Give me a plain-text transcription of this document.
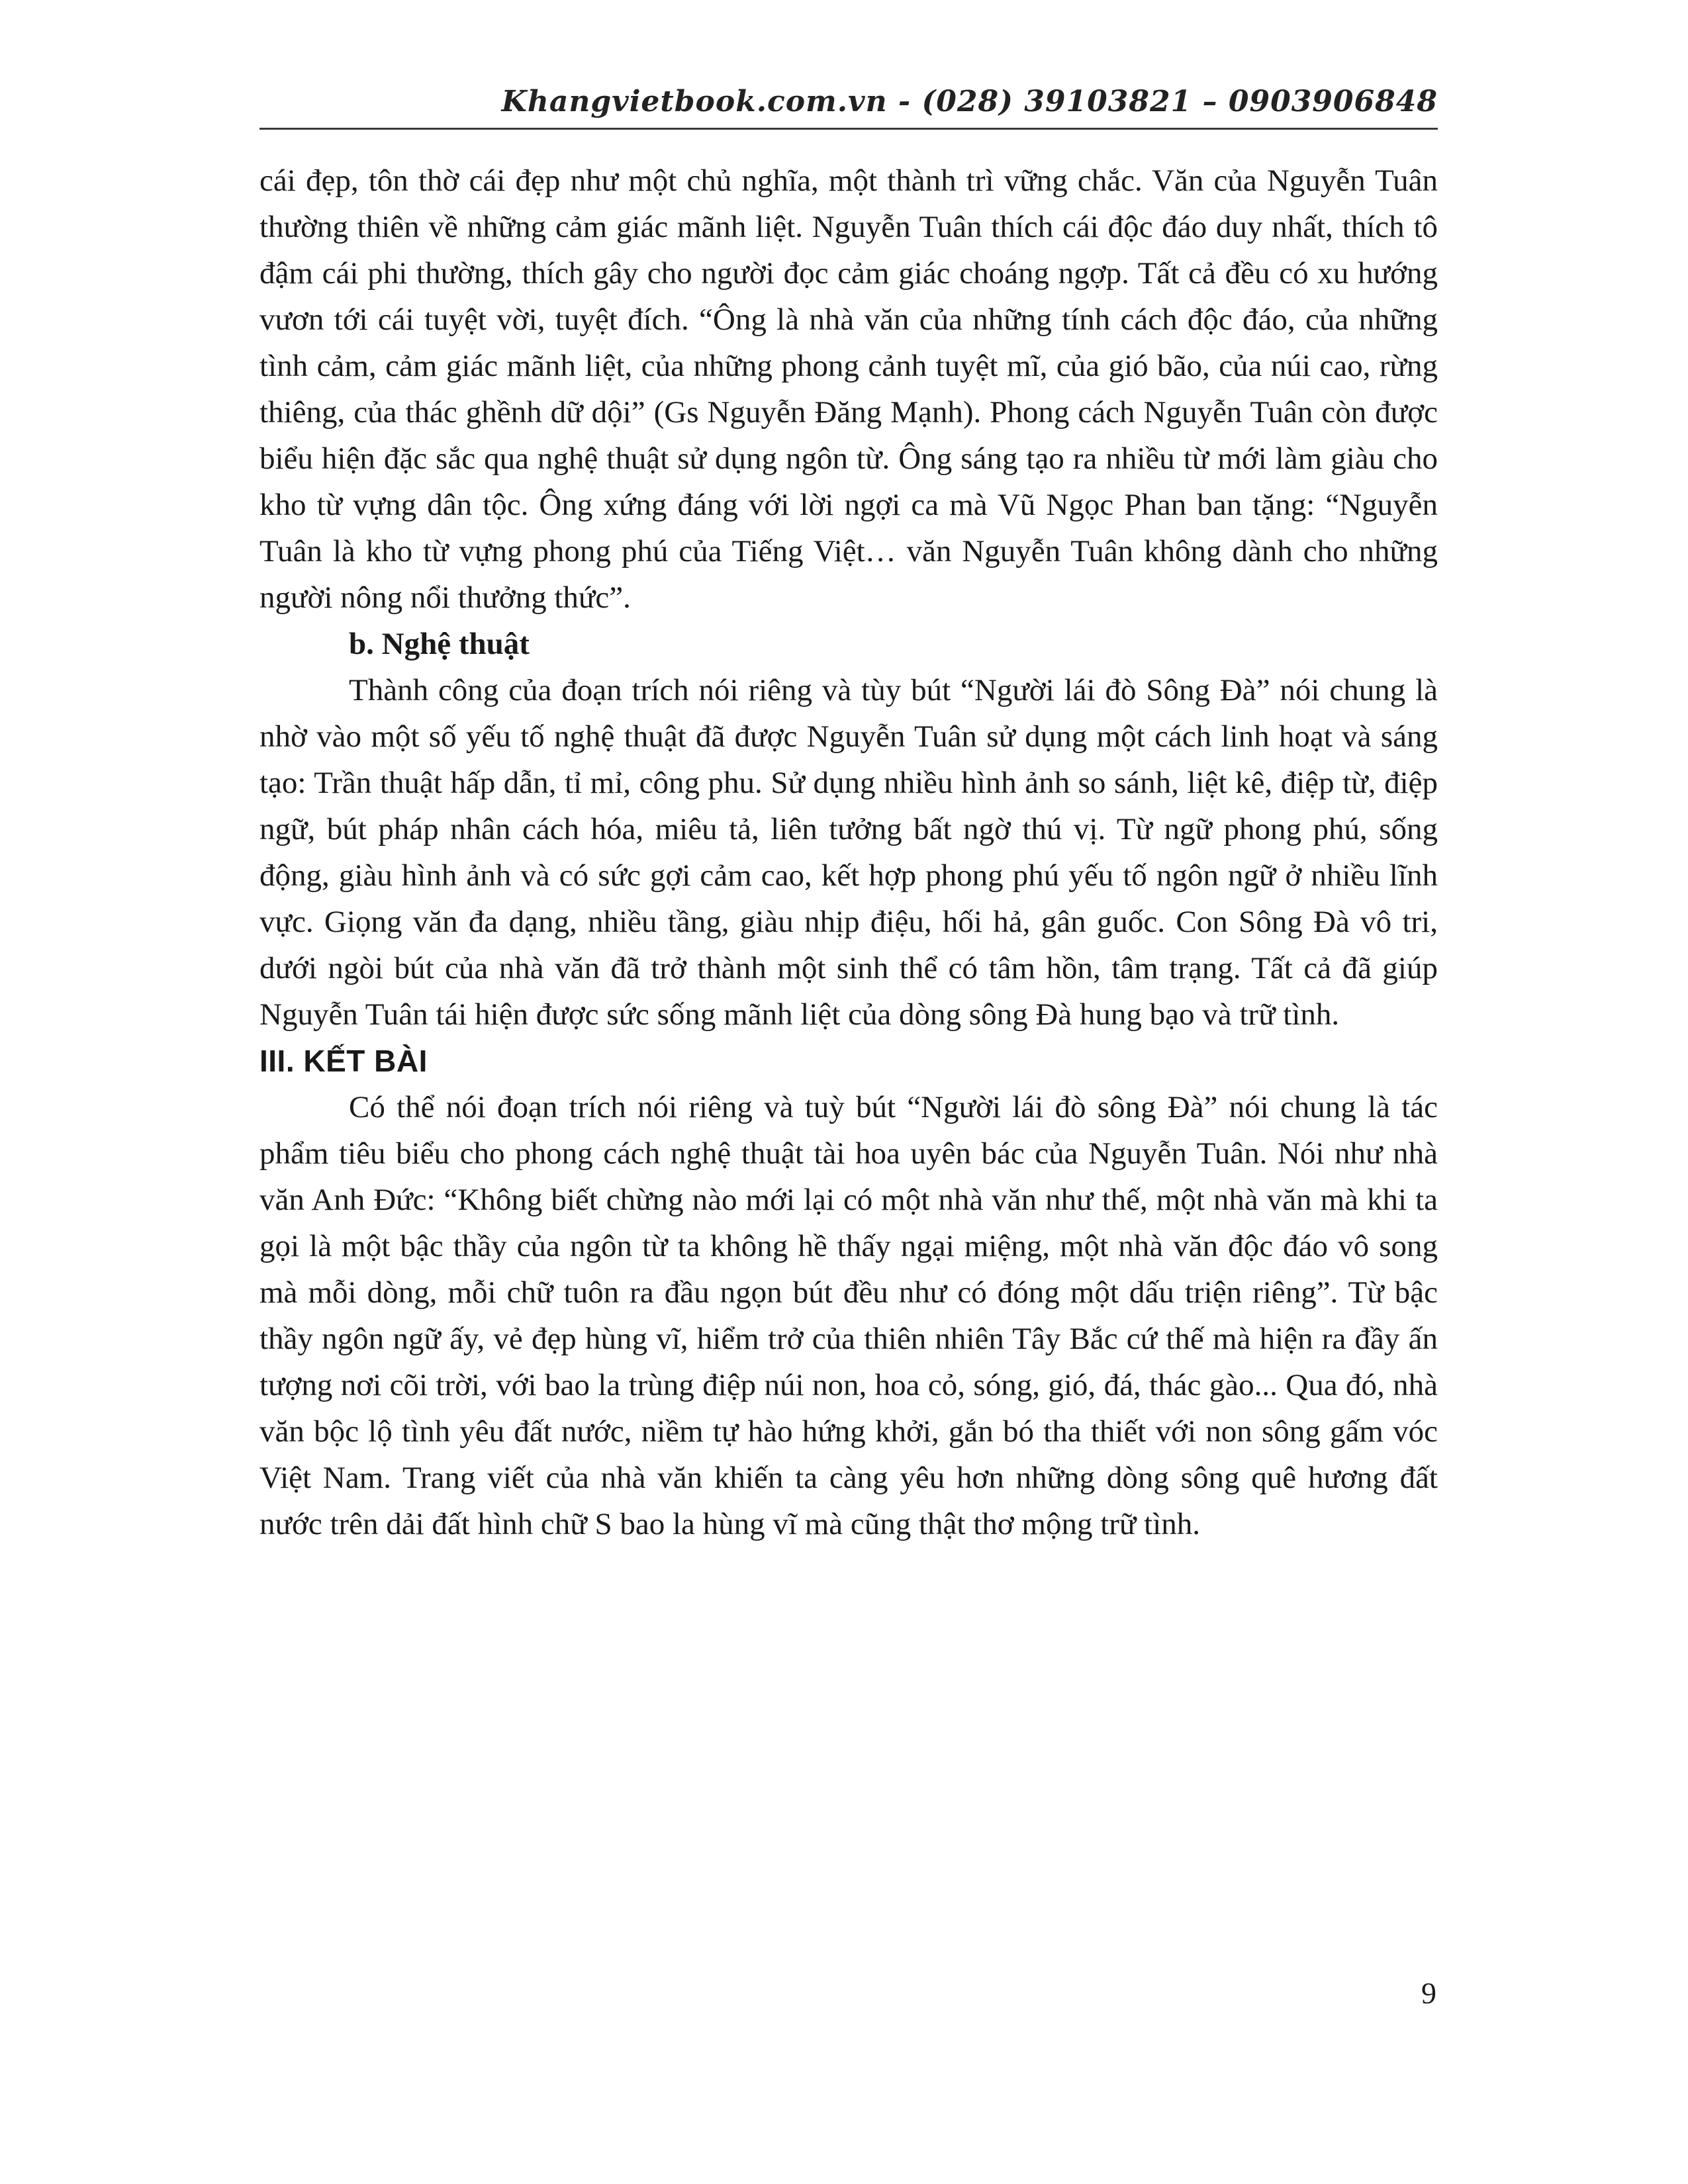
Khangvietbook.com.vn - (028) 39103821 – 0903906848

cái đẹp, tôn thờ cái đẹp như một chủ nghĩa, một thành trì vững chắc. Văn của Nguyễn Tuân thường thiên về những cảm giác mãnh liệt. Nguyễn Tuân thích cái độc đáo duy nhất, thích tô đậm cái phi thường, thích gây cho người đọc cảm giác choáng ngợp. Tất cả đều có xu hướng vươn tới cái tuyệt vời, tuyệt đích. “Ông là nhà văn của những tính cách độc đáo, của những tình cảm, cảm giác mãnh liệt, của những phong cảnh tuyệt mĩ, của gió bão, của núi cao, rừng thiêng, của thác ghềnh dữ dội” (Gs Nguyễn Đăng Mạnh). Phong cách Nguyễn Tuân còn được biểu hiện đặc sắc qua nghệ thuật sử dụng ngôn từ. Ông sáng tạo ra nhiều từ mới làm giàu cho kho từ vựng dân tộc. Ông xứng đáng với lời ngợi ca mà Vũ Ngọc Phan ban tặng: “Nguyễn Tuân là kho từ vựng phong phú của Tiếng Việt… văn Nguyễn Tuân không dành cho những người nông nổi thưởng thức”.

b. Nghệ thuật

Thành công của đoạn trích nói riêng và tùy bút “Người lái đò Sông Đà” nói chung là nhờ vào một số yếu tố nghệ thuật đã được Nguyễn Tuân sử dụng một cách linh hoạt và sáng tạo: Trần thuật hấp dẫn, tỉ mỉ, công phu. Sử dụng nhiều hình ảnh so sánh, liệt kê, điệp từ, điệp ngữ, bút pháp nhân cách hóa, miêu tả, liên tưởng bất ngờ thú vị. Từ ngữ phong phú, sống động, giàu hình ảnh và có sức gợi cảm cao, kết hợp phong phú yếu tố ngôn ngữ ở nhiều lĩnh vực. Giọng văn đa dạng, nhiều tầng, giàu nhịp điệu, hối hả, gân guốc. Con Sông Đà vô tri, dưới ngòi bút của nhà văn đã trở thành một sinh thể có tâm hồn, tâm trạng. Tất cả đã giúp Nguyễn Tuân tái hiện được sức sống mãnh liệt của dòng sông Đà hung bạo và trữ tình.

III. KẾT BÀI

Có thể nói đoạn trích nói riêng và tuỳ bút “Người lái đò sông Đà” nói chung là tác phẩm tiêu biểu cho phong cách nghệ thuật tài hoa uyên bác của Nguyễn Tuân. Nói như nhà văn Anh Đức: “Không biết chừng nào mới lại có một nhà văn như thế, một nhà văn mà khi ta gọi là một bậc thầy của ngôn từ ta không hề thấy ngại miệng, một nhà văn độc đáo vô song mà mỗi dòng, mỗi chữ tuôn ra đầu ngọn bút đều như có đóng một dấu triện riêng”. Từ bậc thầy ngôn ngữ ấy, vẻ đẹp hùng vĩ, hiểm trở của thiên nhiên Tây Bắc cứ thế mà hiện ra đầy ấn tượng nơi cõi trời, với bao la trùng điệp núi non, hoa cỏ, sóng, gió, đá, thác gào... Qua đó, nhà văn bộc lộ tình yêu đất nước, niềm tự hào hứng khởi, gắn bó tha thiết với non sông gấm vóc Việt Nam. Trang viết của nhà văn khiến ta càng yêu hơn những dòng sông quê hương đất nước trên dải đất hình chữ S bao la hùng vĩ mà cũng thật thơ mộng trữ tình.

9
